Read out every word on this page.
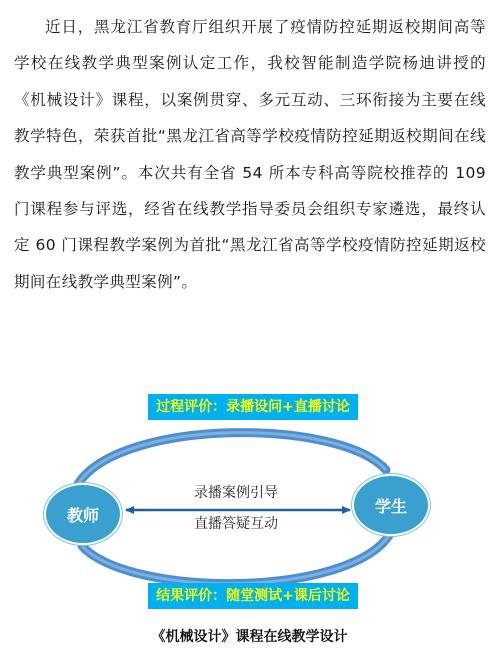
近日，黑龙江省教育厅组织开展了疫情防控延期返校期间高等学校在线教学典型案例认定工作，我校智能制造学院杨迪讲授的《机械设计》课程，以案例贯穿、多元互动、三环衔接为主要在线教学特色，荣获首批“黑龙江省高等学校疫情防控延期返校期间在线教学典型案例”。本次共有全省 54 所本专科高等院校推荐的 109 门课程参与评选，经省在线教学指导委员会组织专家遴选，最终认定 60 门课程教学案例为首批“黑龙江省高等学校疫情防控延期返校期间在线教学典型案例”。

过程评价：录播设问+直播讨论
录播案例引导
直播答疑互动
教师	学生
结果评价：随堂测试+课后讨论
《机械设计》课程在线教学设计
